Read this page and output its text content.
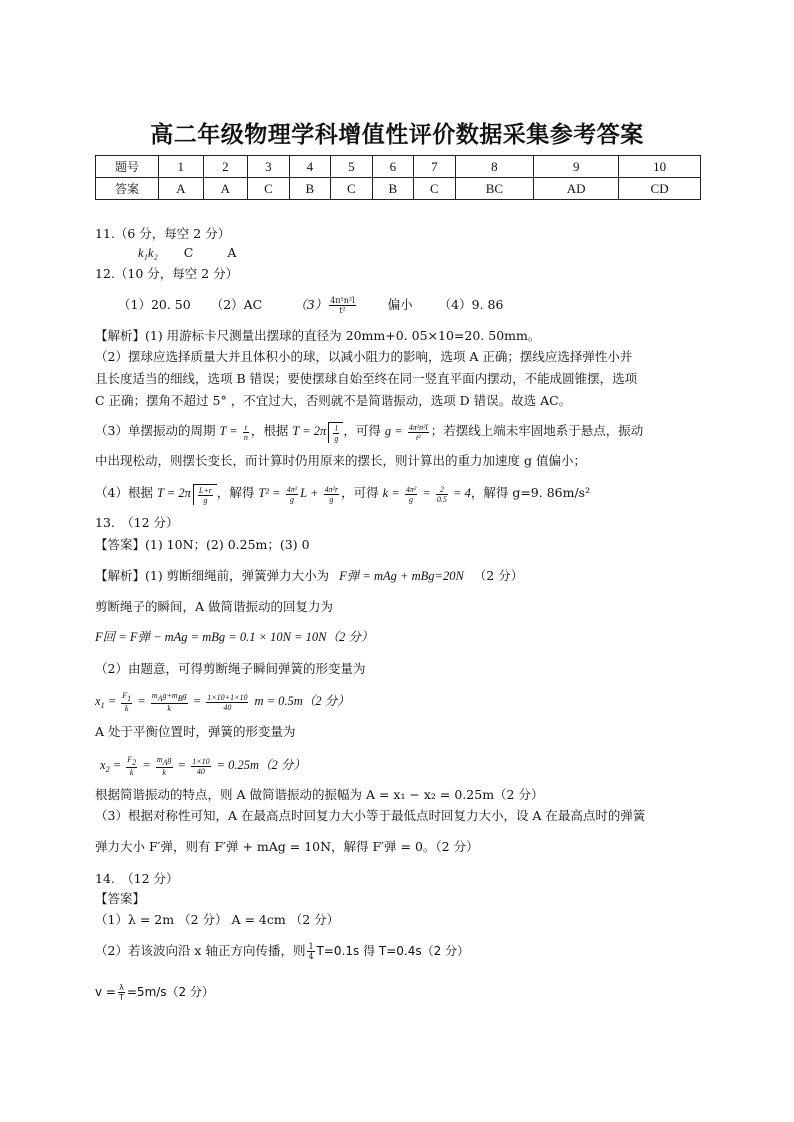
高二年级物理学科增值性评价数据采集参考答案
题号	1	2	3	4	5	6	7	8	9	10
答案	A	A	C	B	C	B	C	BC	AD	CD
11.（6 分，每空 2 分）
k₁k₂ C	A
12.（10 分，每空 2 分）
（1）20. 50 （2）AC	$(3) \frac{\text{4π²n²l}}{\text{t²}}$	偏小 （4）9. 86
【解析】(1) 用游标卡尺测量出摆球的直径为 20mm+0. 05×10=20. 50mm。
（2）摆球应选择质量大并且体积小的球，以减小阻力的影响，选项 A 正确；摆线应选择弹性小并
且长度适当的细线，选项 B 错误；要使摆球自始至终在同一竖直平面内摆动，不能成圆锥摆，选项
C 正确；摆角不超过 5° ，不宜过大，否则就不是简谐振动，选项 D 错误。故选 AC。
（3）单摆振动的周期 $T = \frac{t}{n}$ ，根据 $T = 2\pi \frac{l}{g}$ ，可得 $g = \frac{\text{4π²n²l}}{\text{t²}}$ ；若摆线上端未牢固地系于悬点，振动
中出现松动，则摆长变长，而计算时仍用原来的摆长，则计算出的重力加速度 g 值偏小；
（4）根据 $T = 2\pi \frac{L+r}{g}$ ，解得 $T^2 = \frac{\text{4π²}}{g}$ $L + \frac{\text{4π²r}}{g}$ ，可得 $k = \frac{\text{4π²}}{g} = \frac{2}{0.5} = 4$，解得 g=9. 86m/s²
13.　（12 分）
【答案】(1) 10N；(2) 0.25m；(3) 0
【解析】(1) 剪断细绳前，弹簧弹力大小为 F弹 = mAg + mBg=20N （2 分）
剪断绳子的瞬间，A 做简谐振动的回复力为
F回 = F弹 − mAg = mBg = 0.1 × 10N = 10N（2 分）
（2）由题意，可得剪断绳子瞬间弹簧的形变量为
$x_1 = \frac{F1}{k} = \frac{\text{mAg+mBg}}{k} = \frac{1\times 10+1\times 10}{40}$ m = 0.5m（2 分）
A 处于平衡位置时，弹簧的形变量为
$x_2 = \frac{F2}{k} = \frac{\text{mAg}}{k} = \frac{1\times 10}{40} = 0.25m(2$ 分）
根据简谐振动的特点，则 A 做简谐振动的振幅为 A = x₁ − x₂ = 0.25m（2 分）
（3）根据对称性可知，A 在最高点时回复力大小等于最低点时回复力大小，设 A 在最高点时的弹簧
弹力大小 F′弹，则有 F′弹 + mAg = 10N，解得 F′弹 = 0。（2 分）
14.　（12 分）
【答案】
（1）λ = 2m （2 分） A = 4cm （2 分）
（2）若该波向沿 x 轴正方向传播，则 $\frac{1}{4} T=0.1s$ 得 T=0.4s（2 分）
$v = \frac{\lambda}{T} =5m/s(2$ 分）
